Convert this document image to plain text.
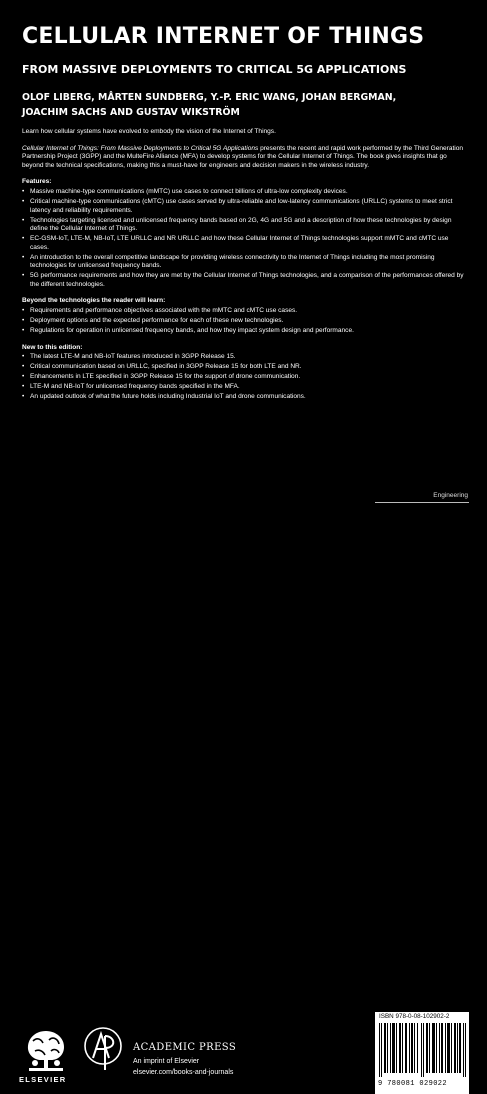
CELLULAR INTERNET OF THINGS
FROM MASSIVE DEPLOYMENTS TO CRITICAL 5G APPLICATIONS
OLOF LIBERG, MÅRTEN SUNDBERG, Y.-P. ERIC WANG, JOHAN BERGMAN,
JOACHIM SACHS AND GUSTAV WIKSTRÖM

Learn how cellular systems have evolved to embody the vision of the Internet of Things.

Cellular Internet of Things: From Massive Deployments to Critical 5G Applications presents the recent and rapid work performed by the Third Generation Partnership Project (3GPP) and the MulteFire Alliance (MFA) to develop systems for the Cellular Internet of Things. The book gives insights that go beyond the technical specifications, making this a must-have for engineers and decision makers in the wireless industry.

Features:

• Massive machine-type communications (mMTC) use cases to connect billions of ultra-low complexity devices.
• Critical machine-type communications (cMTC) use cases served by ultra-reliable and low-latency communications (URLLC) systems to meet strict latency and reliability requirements.
• Technologies targeting licensed and unlicensed frequency bands based on 2G, 4G and 5G and a description of how these technologies by design define the Cellular Internet of Things.
• EC-GSM-IoT, LTE-M, NB-IoT, LTE URLLC and NR URLLC and how these Cellular Internet of Things technologies support mMTC and cMTC use cases.
• An introduction to the overall competitive landscape for providing wireless connectivity to the Internet of Things including the most promising technologies for unlicensed frequency bands.
• 5G performance requirements and how they are met by the Cellular Internet of Things technologies, and a comparison of the performances offered by the different technologies.

Beyond the technologies the reader will learn:

• Requirements and performance objectives associated with the mMTC and cMTC use cases.
• Deployment options and the expected performance for each of these new technologies.
• Regulations for operation in unlicensed frequency bands, and how they impact system design and performance.

New to this edition:

• The latest LTE-M and NB-IoT features introduced in 3GPP Release 15.
• Critical communication based on URLLC, specified in 3GPP Release 15 for both LTE and NR.
• Enhancements in LTE specified in 3GPP Release 15 for the support of drone communication.
• LTE-M and NB-IoT for unlicensed frequency bands specified in the MFA.
• An updated outlook of what the future holds including Industrial IoT and drone communications.
Engineering
ELSEVIER
ACADEMIC PRESS
An imprint of Elsevier
elsevier.com/books-and-journals
ISBN 978-0-08-102902-2
9 780081 029022
